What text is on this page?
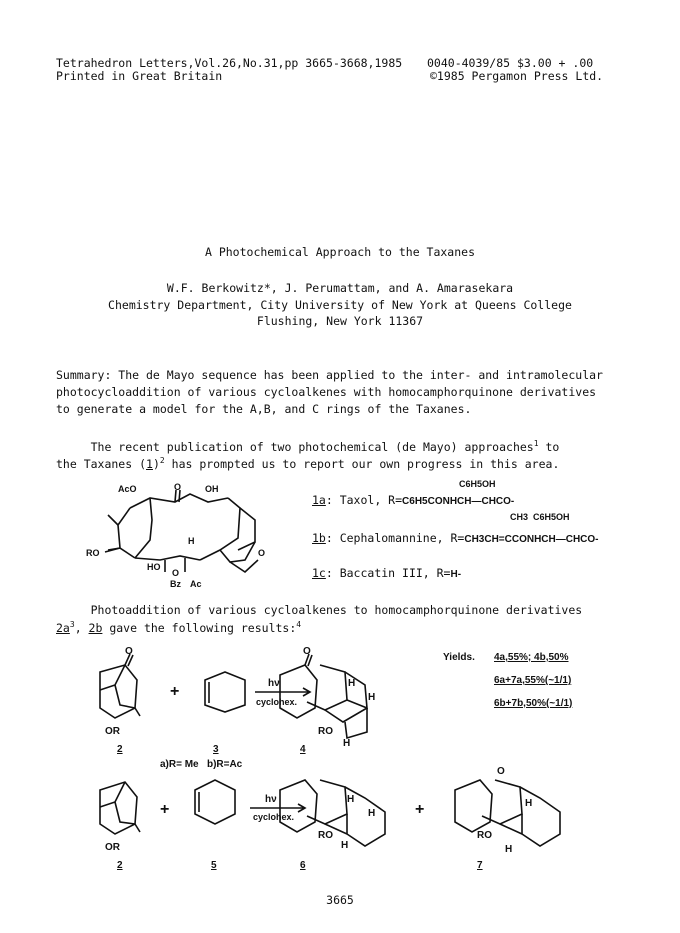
Tetrahedron Letters,Vol.26,No.31,pp 3665-3668,1985 0040-4039/85 $3.00 + .00
Printed in Great Britain	©1985 Pergamon Press Ltd.
A Photochemical Approach to the Taxanes
W.F. Berkowitz*, J. Perumattam, and A. Amarasekara
Chemistry Department, City University of New York at Queens College
Flushing, New York 11367
Summary: The de Mayo sequence has been applied to the inter- and intramolecular
photocycloaddition of various cycloalkenes with homocamphorquinone derivatives
to generate a model for the A,B, and C rings of the Taxanes.
The recent publication of two photochemical (de Mayo) approaches$^1$ to
the Taxanes $(1)^2$ has prompted us to report our own progress in this area.
AcO	O	OH
RO
H
HO
O
Bz Ac
O
C6H5OH
1a: Taxol, R=C6H5CONHCH—CHCO-
CH3  C6H5OH
1b: Cephalomannine, R=CH3CH=CCONHCH—CHCO-
1c: Baccatin III, R=H-
Photoaddition of various cycloalkenes to homocamphorquinone derivatives
$2a^3$, 2b gave the following results:$^4$
Yields. 4a,55%; 4b,50%
6a+7a,55%(~1/1)
6b+7b,50%(~1/1)
OR
+	hν
cyclohex.
H
H
RO
H
O
O
2	3	4
a)R= Me   b)R=Ac
OR
+
hν
cyclohex.
H
H
RO
H
+	H
RO
H
O
2	5	6	7
3665
